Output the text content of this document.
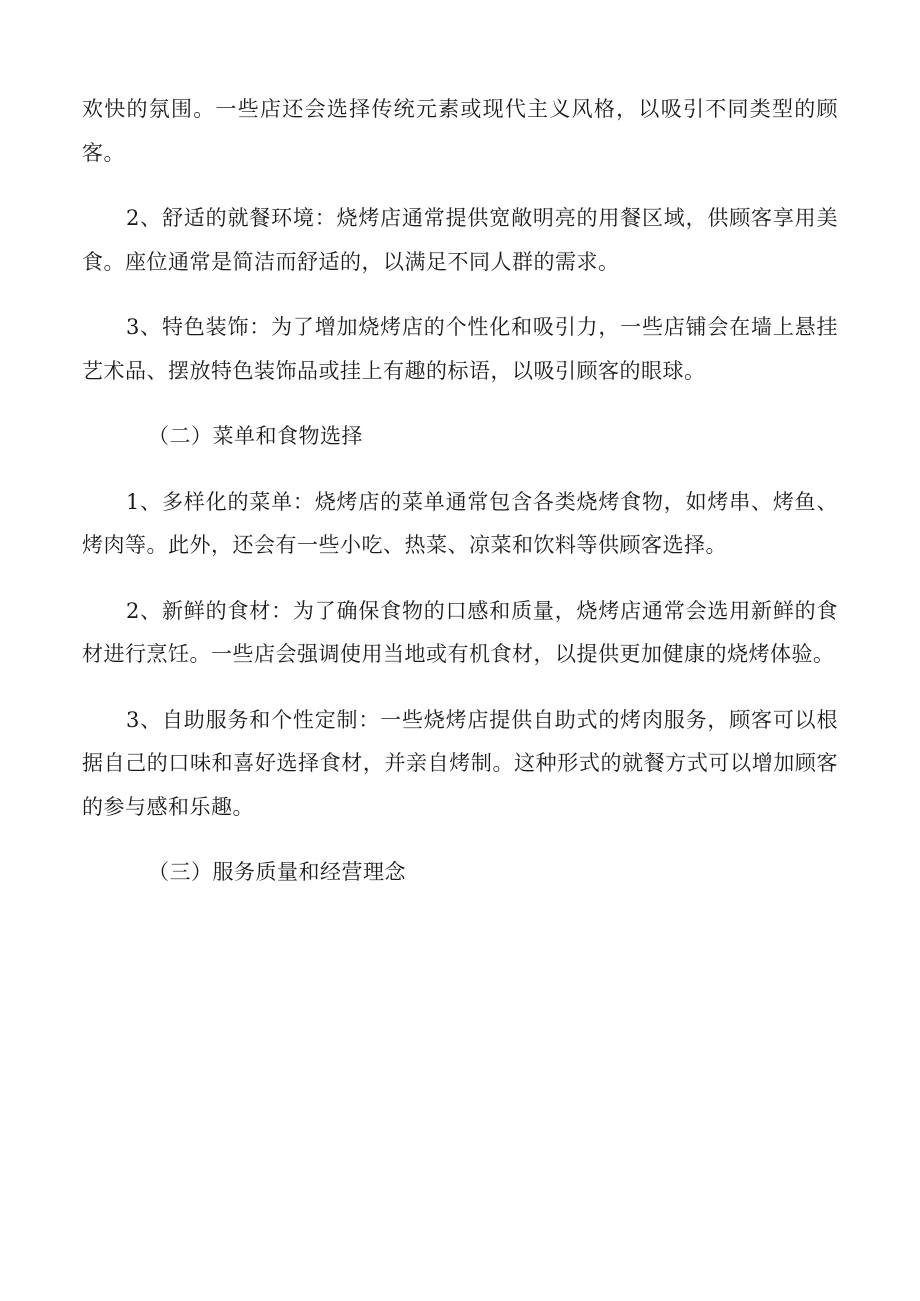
欢快的氛围。一些店还会选择传统元素或现代主义风格，以吸引不同类型的顾客。

2、舒适的就餐环境：烧烤店通常提供宽敞明亮的用餐区域，供顾客享用美食。座位通常是简洁而舒适的，以满足不同人群的需求。

3、特色装饰：为了增加烧烤店的个性化和吸引力，一些店铺会在墙上悬挂艺术品、摆放特色装饰品或挂上有趣的标语，以吸引顾客的眼球。

（二）菜单和食物选择

1、多样化的菜单：烧烤店的菜单通常包含各类烧烤食物，如烤串、烤鱼、烤肉等。此外，还会有一些小吃、热菜、凉菜和饮料等供顾客选择。

2、新鲜的食材：为了确保食物的口感和质量，烧烤店通常会选用新鲜的食材进行烹饪。一些店会强调使用当地或有机食材，以提供更加健康的烧烤体验。

3、自助服务和个性定制：一些烧烤店提供自助式的烤肉服务，顾客可以根据自己的口味和喜好选择食材，并亲自烤制。这种形式的就餐方式可以增加顾客的参与感和乐趣。

（三）服务质量和经营理念
